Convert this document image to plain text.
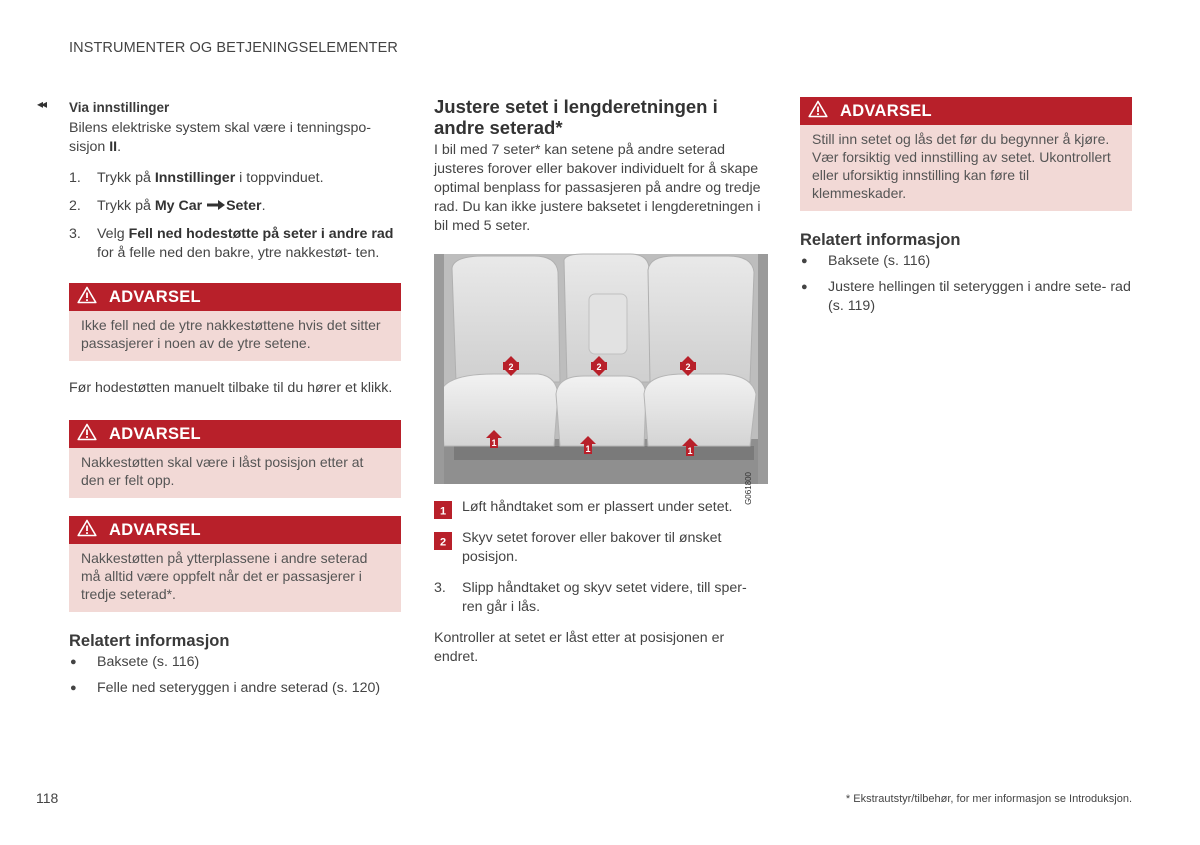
INSTRUMENTER OG BETJENINGSELEMENTER
◂◂ Via innstillinger

Bilens elektriske system skal være i tenningspo- sisjon II.

1. Trykk på Innstillinger i toppvinduet.
2. Trykk på My Car Seter.
3. Velg Fell ned hodestøtte på seter i andre rad for å felle ned den bakre, ytre nakkestøt- ten.
ADVARSEL
Ikke fell ned de ytre nakkestøttene hvis det sitter passasjerer i noen av de ytre setene.

Før hodestøtten manuelt tilbake til du hører et klikk.

ADVARSEL
Nakkestøtten skal være i låst posisjon etter at den er felt opp.
ADVARSEL
Nakkestøtten på ytterplassene i andre seterad må alltid være oppfelt når det er passasjerer i tredje seterad*.
Relatert informasjon
● Baksete (s. 116)
● Felle ned seteryggen i andre seterad (s. 120)
Justere setet i lengderetningen i andre seterad*

I bil med 7 seter* kan setene på andre seterad justeres forover eller bakover individuelt for å skape optimal benplass for passasjeren på andre og tredje rad. Du kan ikke justere baksetet i lengderetningen i bil med 5 seter.

2	2	2
1
1	1
G061800
1 Løft håndtaket som er plassert under setet.
2 Skyv setet forover eller bakover til ønsket posisjon.
3. Slipp håndtaket og skyv setet videre, till sper- ren går i lås.

Kontroller at setet er låst etter at posisjonen er endret.

ADVARSEL
Still inn setet og lås det før du begynner å kjøre. Vær forsiktig ved innstilling av setet. Ukontrollert eller uforsiktig innstilling kan føre til klemmeskader.
Relatert informasjon
● Baksete (s. 116)
● Justere hellingen til seteryggen i andre sete- rad (s. 119)
118	* Ekstrautstyr/tilbehør, for mer informasjon se Introduksjon.
